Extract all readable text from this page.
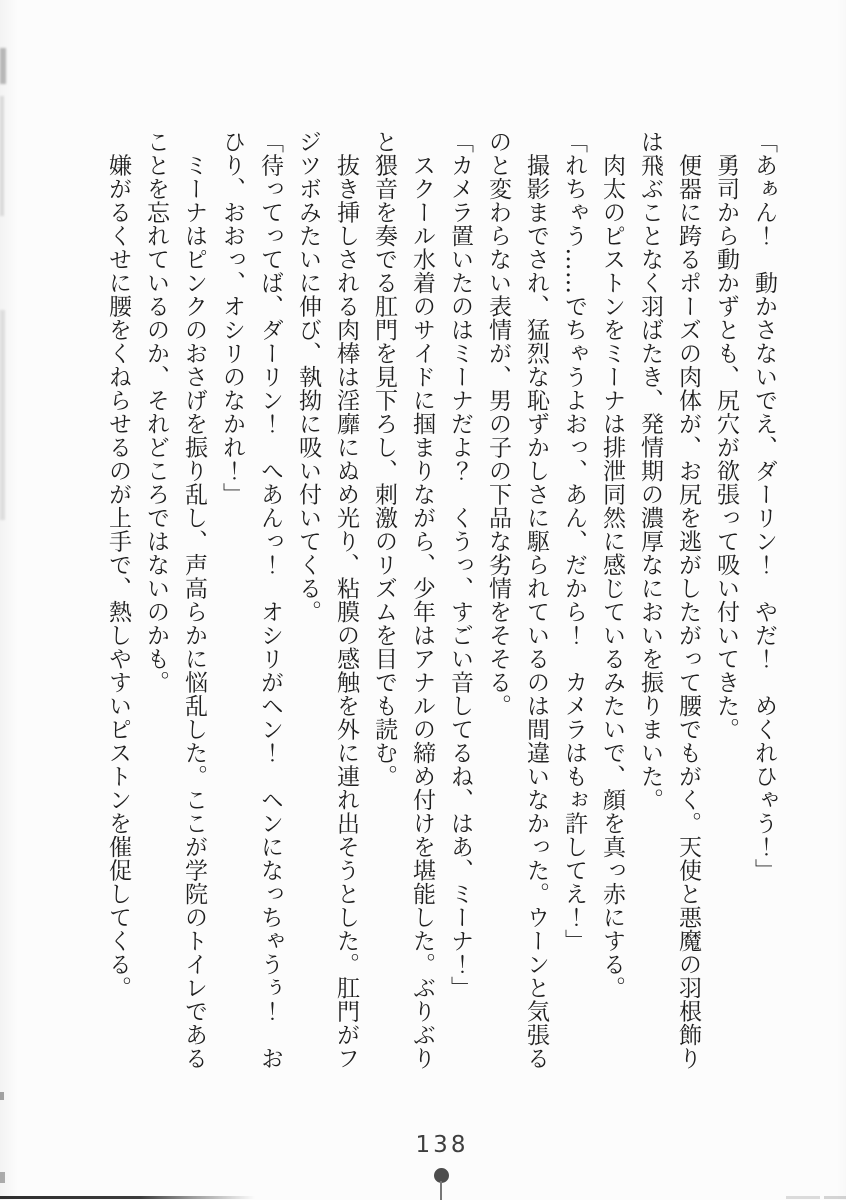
「あぁん！　動かさないでえ、ダーリン！　やだ！　めくれひゃう！」

　勇司から動かずとも、尻穴が欲張って吸い付いてきた。

　便器に跨るポーズの肉体が、お尻を逃がしたがって腰でもがく。天使と悪魔の羽根飾り

は飛ぶことなく羽ばたき、発情期の濃厚なにおいを振りまいた。

　肉太のピストンをミーナは排泄同然に感じているみたいで、顔を真っ赤にする。

「れちゃう……でちゃうよおっ、あん、だから！　カメラはもぉ許してえ！」

　撮影までされ、猛烈な恥ずかしさに駆られているのは間違いなかった。ウーンと気張る

のと変わらない表情が、男の子の下品な劣情をそそる。

「カメラ置いたのはミーナだよ？　くうっ、すごい音してるね、はあ、ミーナ！」

　スクール水着のサイドに掴まりながら、少年はアナルの締め付けを堪能した。ぶりぶり

と猥音を奏でる肛門を見下ろし、刺激のリズムを目でも読む。

　抜き挿しされる肉棒は淫靡にぬめ光り、粘膜の感触を外に連れ出そうとした。肛門がフ

ジツボみたいに伸び、執拗に吸い付いてくる。

「待ってってば、ダーリン！　へあんっ！　オシリがヘン！　ヘンになっちゃうぅ！　お

ひり、おおっ、オシリのなかれ！」

　ミーナはピンクのおさげを振り乱し、声高らかに悩乱した。ここが学院のトイレである

ことを忘れているのか、それどころではないのかも。

　嫌がるくせに腰をくねらせるのが上手で、熱しやすいピストンを催促してくる。

138
